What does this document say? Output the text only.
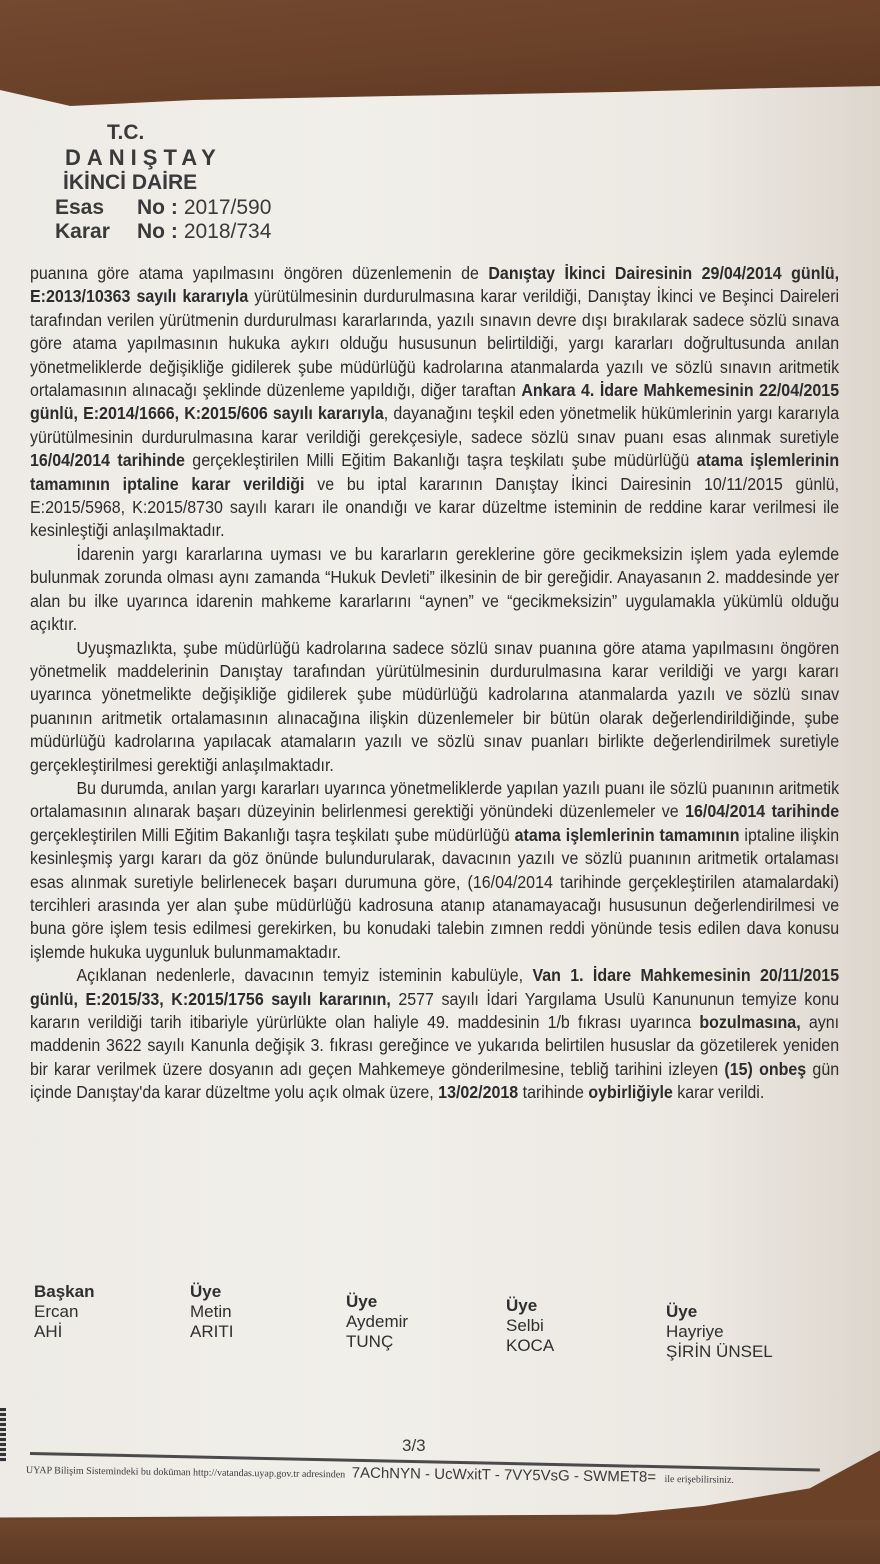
T.C.
DANIŞTAY
İKİNCİ DAİRE
Esas	No : 2017/590
Karar	No : 2018/734

puanına göre atama yapılmasını öngören düzenlemenin de Danıştay İkinci Dairesinin 29/04/2014 günlü, E:2013/10363 sayılı kararıyla yürütülmesinin durdurulmasına karar verildiği, Danıştay İkinci ve Beşinci Daireleri tarafından verilen yürütmenin durdurulması kararlarında, yazılı sınavın devre dışı bırakılarak sadece sözlü sınava göre atama yapılmasının hukuka aykırı olduğu hususunun belirtildiği, yargı kararları doğrultusunda anılan yönetmeliklerde değişikliğe gidilerek şube müdürlüğü kadrolarına atanmalarda yazılı ve sözlü sınavın aritmetik ortalamasının alınacağı şeklinde düzenleme yapıldığı, diğer taraftan Ankara 4. İdare Mahkemesinin 22/04/2015 günlü, E:2014/1666, K:2015/606 sayılı kararıyla, dayanağını teşkil eden yönetmelik hükümlerinin yargı kararıyla yürütülmesinin durdurulmasına karar verildiği gerekçesiyle, sadece sözlü sınav puanı esas alınmak suretiyle 16/04/2014 tarihinde gerçekleştirilen Milli Eğitim Bakanlığı taşra teşkilatı şube müdürlüğü atama işlemlerinin tamamının iptaline karar verildiği ve bu iptal kararının Danıştay İkinci Dairesinin 10/11/2015 günlü, E:2015/5968, K:2015/8730 sayılı kararı ile onandığı ve karar düzeltme isteminin de reddine karar verilmesi ile kesinleştiği anlaşılmaktadır.

İdarenin yargı kararlarına uyması ve bu kararların gereklerine göre gecikmeksizin işlem yada eylemde bulunmak zorunda olması aynı zamanda “Hukuk Devleti” ilkesinin de bir gereğidir. Anayasanın 2. maddesinde yer alan bu ilke uyarınca idarenin mahkeme kararlarını “aynen” ve “gecikmeksizin” uygulamakla yükümlü olduğu açıktır.

Uyuşmazlıkta, şube müdürlüğü kadrolarına sadece sözlü sınav puanına göre atama yapılmasını öngören yönetmelik maddelerinin Danıştay tarafından yürütülmesinin durdurulmasına karar verildiği ve yargı kararı uyarınca yönetmelikte değişikliğe gidilerek şube müdürlüğü kadrolarına atanmalarda yazılı ve sözlü sınav puanının aritmetik ortalamasının alınacağına ilişkin düzenlemeler bir bütün olarak değerlendirildiğinde, şube müdürlüğü kadrolarına yapılacak atamaların yazılı ve sözlü sınav puanları birlikte değerlendirilmek suretiyle gerçekleştirilmesi gerektiği anlaşılmaktadır.

Bu durumda, anılan yargı kararları uyarınca yönetmeliklerde yapılan yazılı puanı ile sözlü puanının aritmetik ortalamasının alınarak başarı düzeyinin belirlenmesi gerektiği yönündeki düzenlemeler ve 16/04/2014 tarihinde gerçekleştirilen Milli Eğitim Bakanlığı taşra teşkilatı şube müdürlüğü atama işlemlerinin tamamının iptaline ilişkin kesinleşmiş yargı kararı da göz önünde bulundurularak, davacının yazılı ve sözlü puanının aritmetik ortalaması esas alınmak suretiyle belirlenecek başarı durumuna göre, (16/04/2014 tarihinde gerçekleştirilen atamalardaki) tercihleri arasında yer alan şube müdürlüğü kadrosuna atanıp atanamayacağı hususunun değerlendirilmesi ve buna göre işlem tesis edilmesi gerekirken, bu konudaki talebin zımnen reddi yönünde tesis edilen dava konusu işlemde hukuka uygunluk bulunmamaktadır.

Açıklanan nedenlerle, davacının temyiz isteminin kabulüyle, Van 1. İdare Mahkemesinin 20/11/2015 günlü, E:2015/33, K:2015/1756 sayılı kararının, 2577 sayılı İdari Yargılama Usulü Kanununun temyize konu kararın verildiği tarih itibariyle yürürlükte olan haliyle 49. maddesinin 1/b fıkrası uyarınca bozulmasına, aynı maddenin 3622 sayılı Kanunla değişik 3. fıkrası gereğince ve yukarıda belirtilen hususlar da gözetilerek yeniden bir karar verilmek üzere dosyanın adı geçen Mahkemeye gönderilmesine, tebliğ tarihini izleyen (15) onbeş gün içinde Danıştay'da karar düzeltme yolu açık olmak üzere, 13/02/2018 tarihinde oybirliğiyle karar verildi.

Başkan
Ercan
AHİ
Üye
Metin
ARITI
Üye
Aydemir
TUNÇ
Üye
Selbi
KOCA
Üye
Hayriye
ŞİRİN ÜNSEL
3/3
UYAP Bilişim Sistemindeki bu doküman http://vatandas.uyap.gov.tr adresinden 7AChNYN - UcWxitT - 7VY5VsG - SWMET8= ile erişebilirsiniz.
